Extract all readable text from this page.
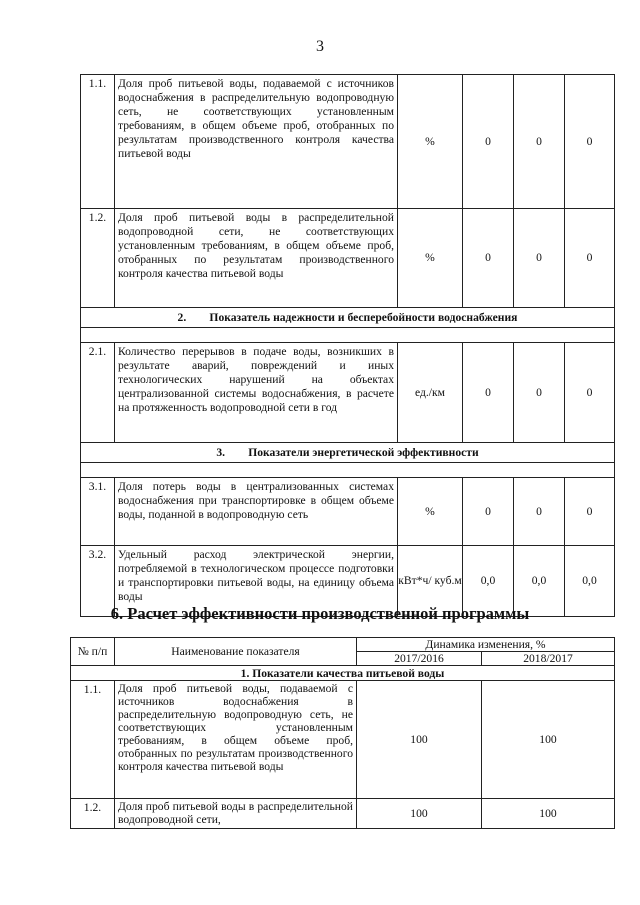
3
1.1.	Доля проб питьевой воды, подаваемой с источников водоснабжения в распределительную водопроводную сеть, не соответствующих установленным требованиям, в общем объеме проб, отобранных по результатам производственного контроля качества питьевой воды	%	0	0	0
1.2.	Доля проб питьевой воды в распределительной водопроводной сети, не соответствующих установленным требованиям, в общем объеме проб, отобранных по результатам производственного контроля качества питьевой воды	%	0	0	0
2.        Показатель надежности и бесперебойности водоснабжения					

2.1.	Количество перерывов в подаче воды, возникших в результате аварий, повреждений и иных технологических нарушений на объектах централизованной системы водоснабжения, в расчете на протяженность водопроводной сети в год	ед./км	0	0	0
3.        Показатели энергетической эффективности					

3.1.	Доля потерь воды в централизованных системах водоснабжения при транспортировке в общем объеме воды, поданной в водопроводную сеть	%	0	0	0
3.2.	Удельный расход электрической энергии, потребляемой в технологическом процессе подготовки и транспортировки питьевой воды, на единицу объема воды	кВт*ч/ куб.м	0,0	0,0	0,0
6. Расчет эффективности производственной программы
№ п/п	Наименование показателя	Динамика изменения, %	
		2017/2016	2018/2017
1. Показатели качества питьевой воды			
1.1.	Доля проб питьевой воды, подаваемой с источников водоснабжения в распределительную водопроводную сеть, не соответствующих установленным требованиям, в общем объеме проб, отобранных по результатам производственного контроля качества питьевой воды	100	100
1.2.	Доля проб питьевой воды в распределительной водопроводной сети,	100	100
